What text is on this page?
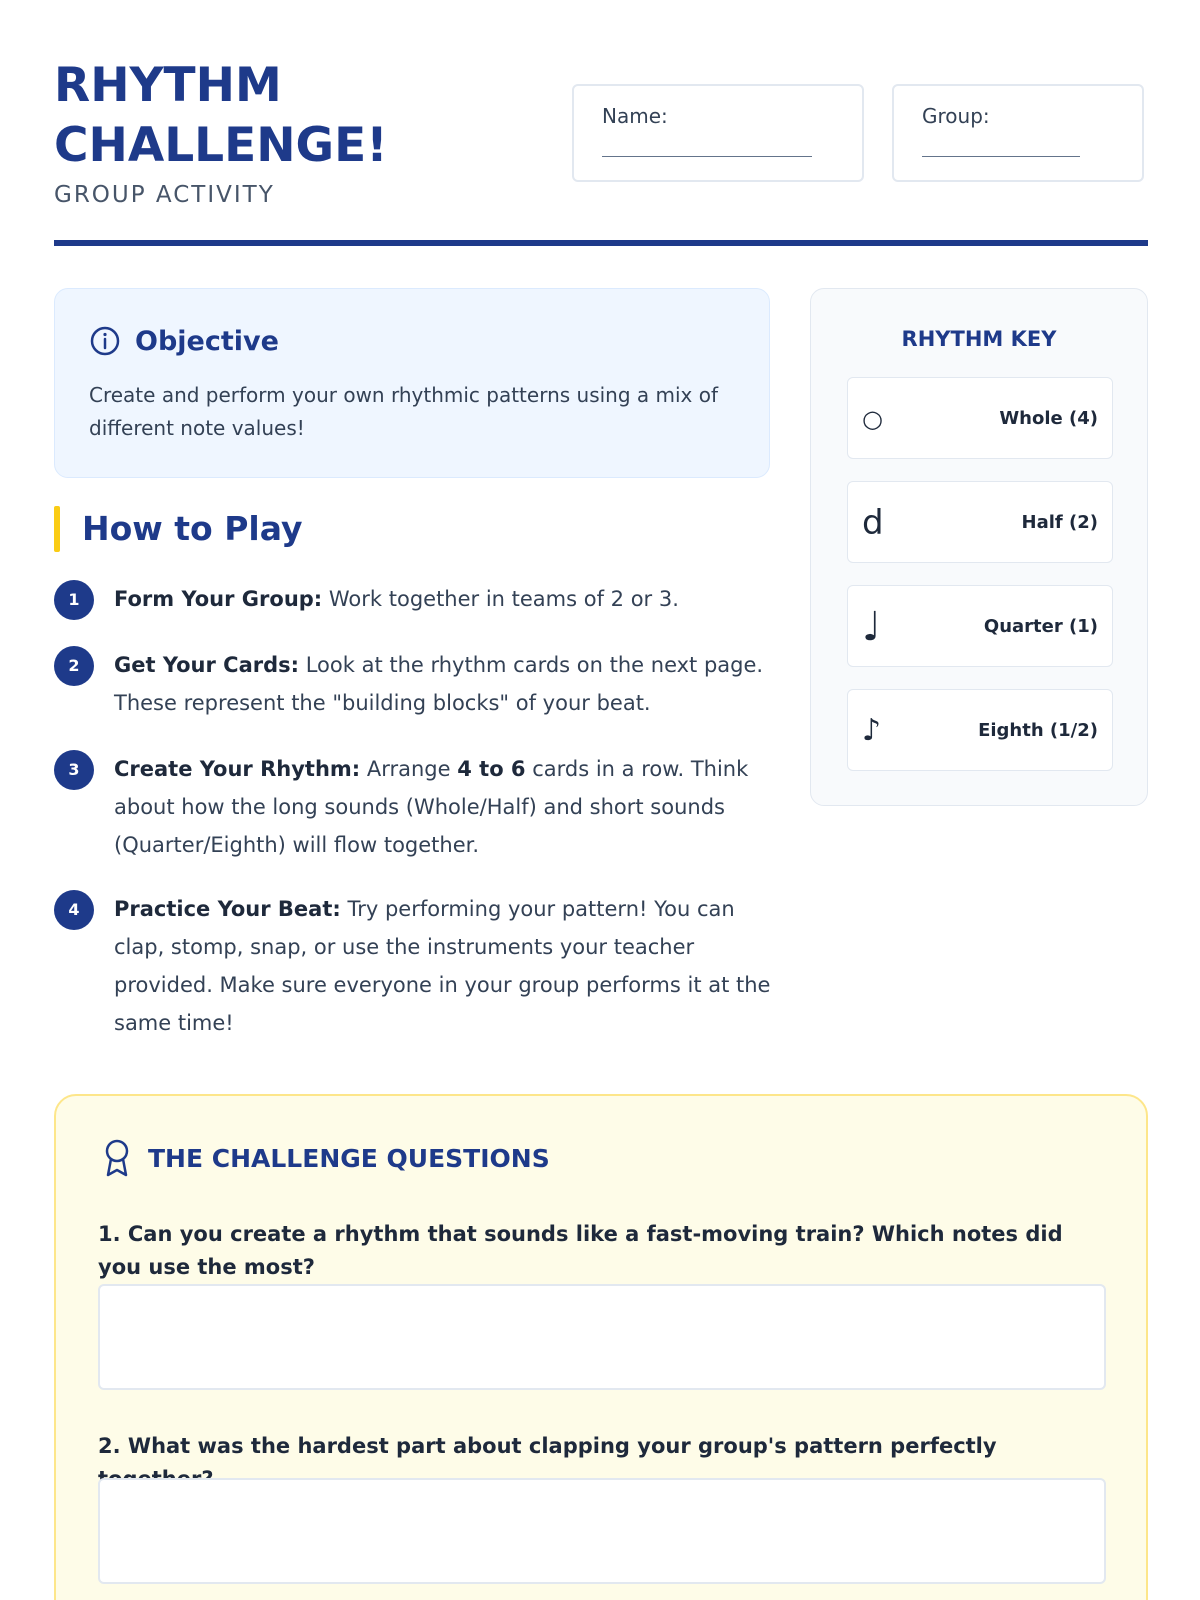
RHYTHM
CHALLENGE!
GROUP ACTIVITY
Name:	Group:
Objective
Create and perform your own rhythmic patterns using a mix of different note values!
RHYTHM KEY
○	Whole (4)
d	Half (2)
♩	Quarter (1)
♪	Eighth (1/2)
How to Play
1	Form Your Group: Work together in teams of 2 or 3.
2	Get Your Cards: Look at the rhythm cards on the next page. These represent the "building blocks" of your beat.
3	Create Your Rhythm: Arrange 4 to 6 cards in a row. Think about how the long sounds (Whole/Half) and short sounds (Quarter/Eighth) will flow together.
4	Practice Your Beat: Try performing your pattern! You can clap, stomp, snap, or use the instruments your teacher provided. Make sure everyone in your group performs it at the same time!
THE CHALLENGE QUESTIONS
1. Can you create a rhythm that sounds like a fast-moving train? Which notes did you use the most?
2. What was the hardest part about clapping your group's pattern perfectly
